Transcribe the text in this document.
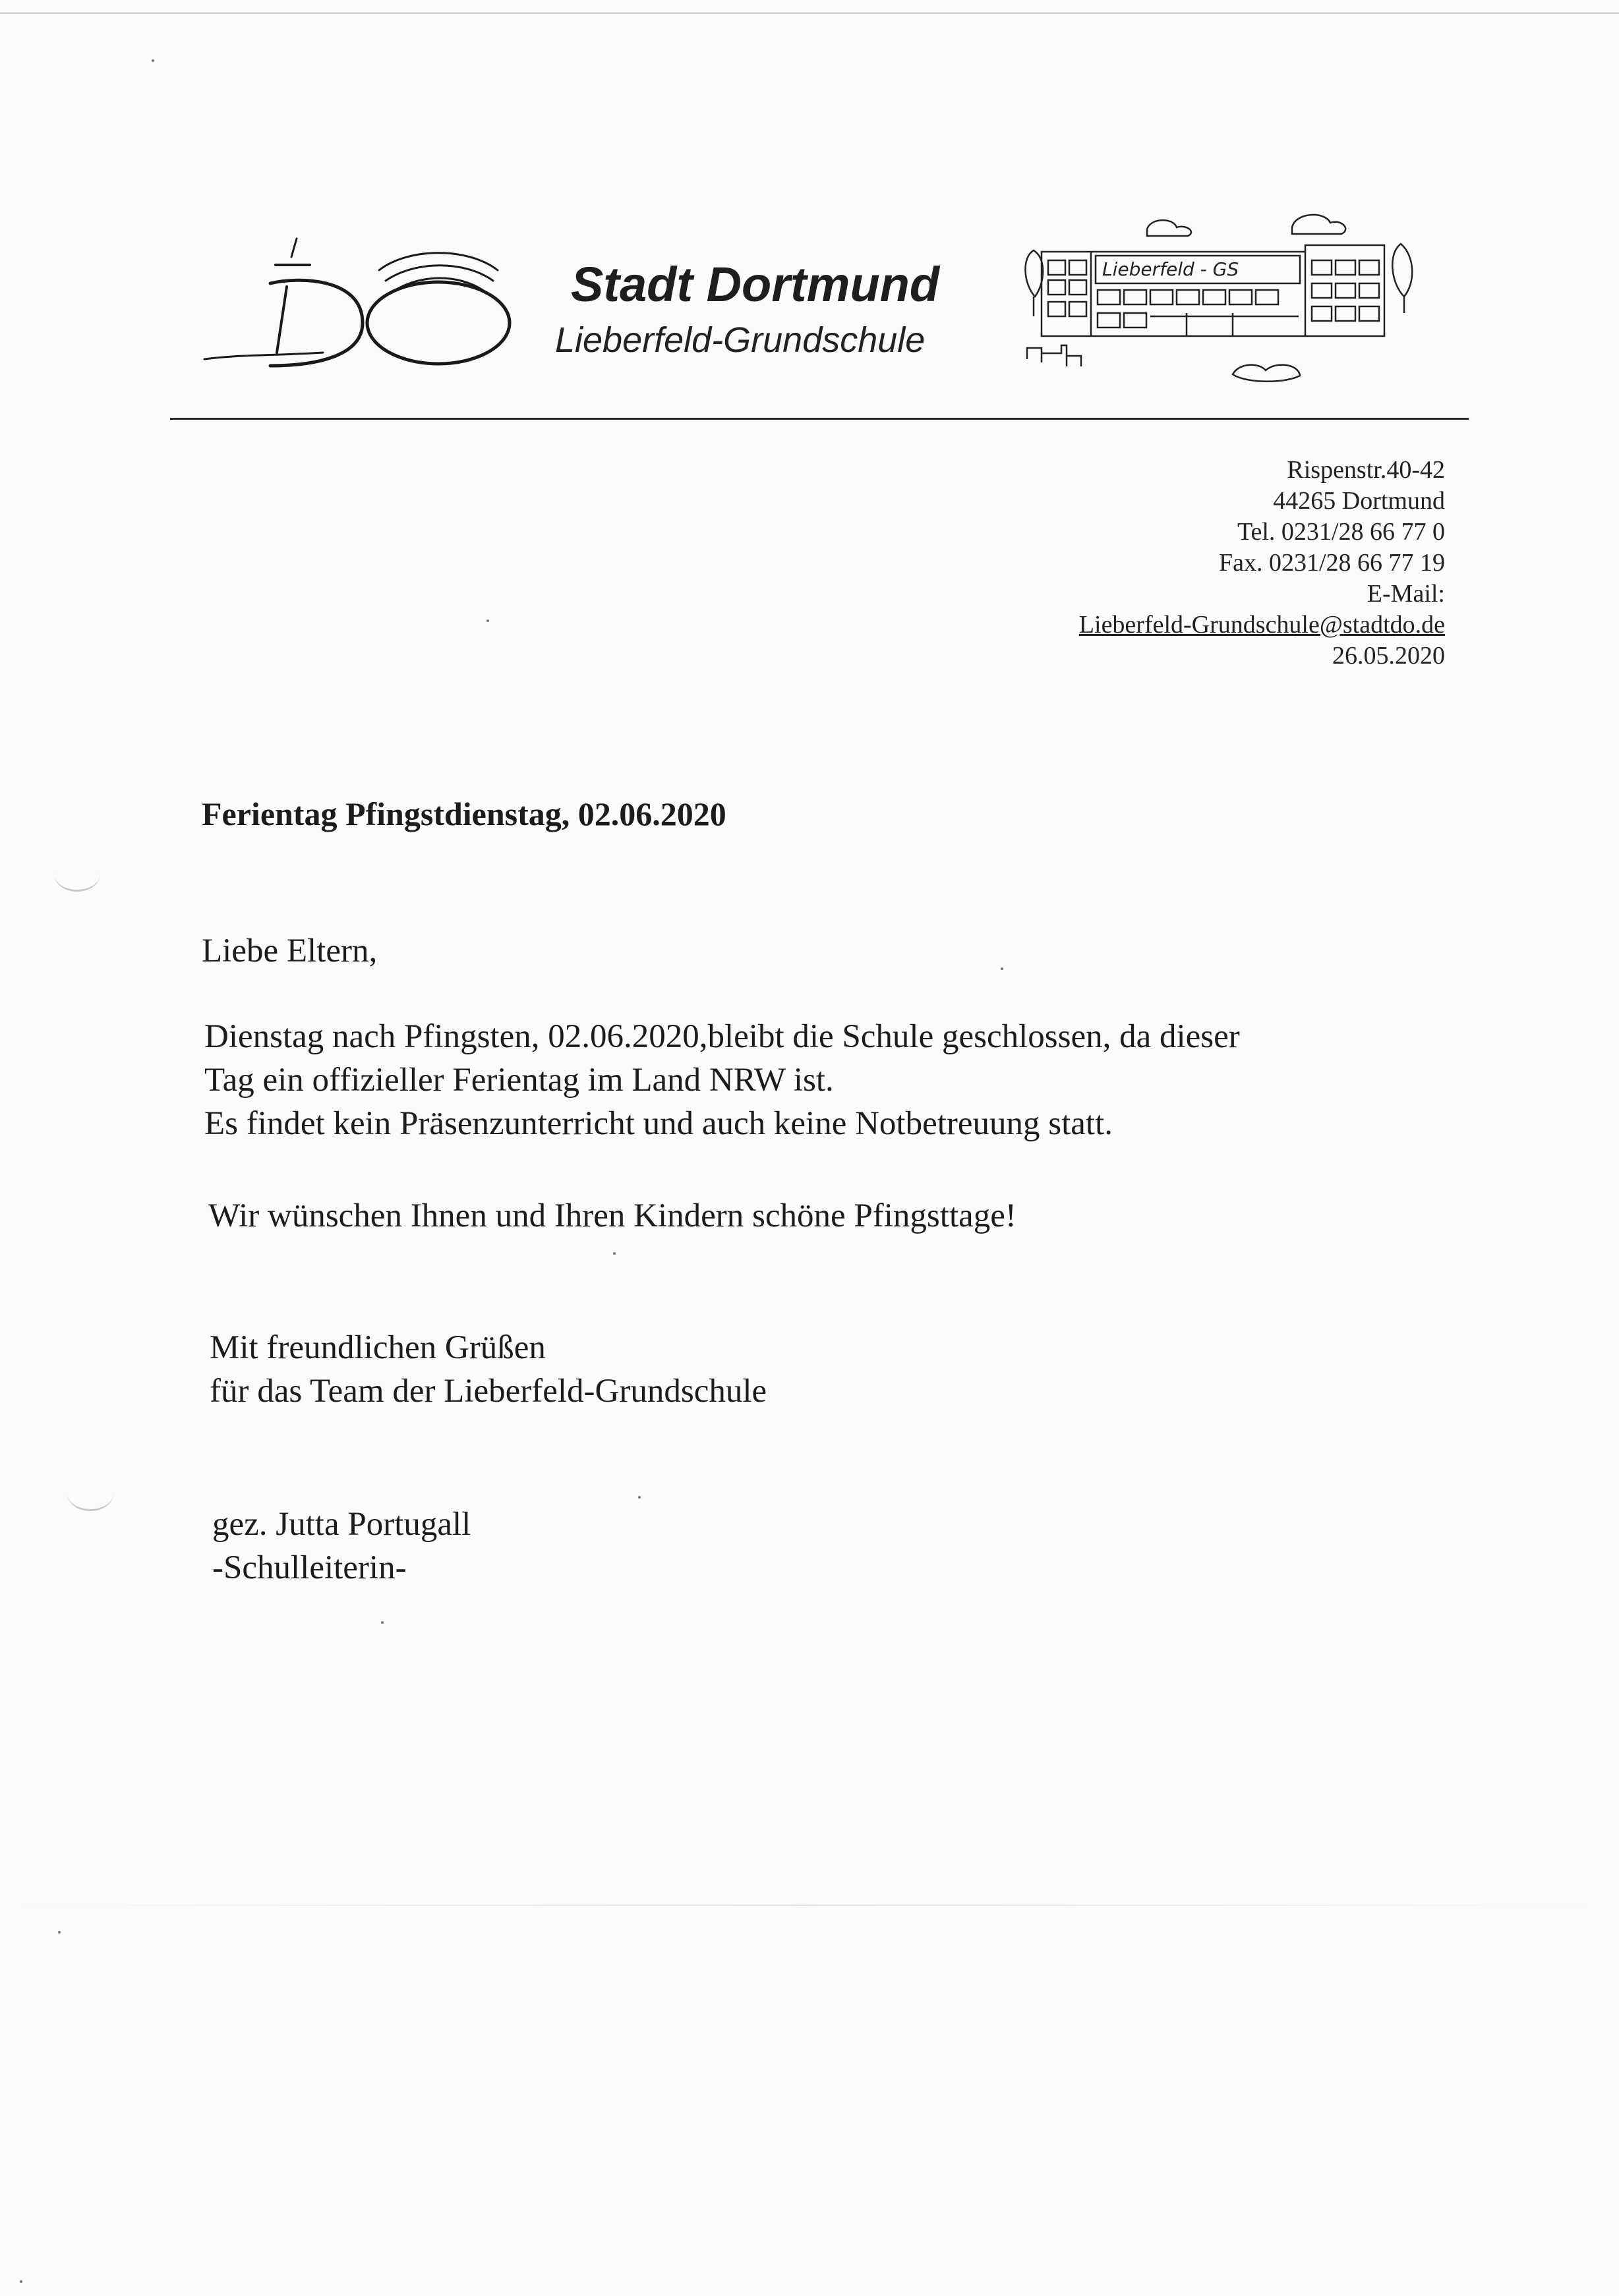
Stadt Dortmund
Lieberfeld-Grundschule
Lieberfeld - GS
Rispenstr.40-42
44265 Dortmund
Tel. 0231/28 66 77 0
Fax. 0231/28 66 77 19
E-Mail:
Lieberfeld-Grundschule@stadtdo.de
26.05.2020
Ferientag Pfingstdienstag, 02.06.2020
Liebe Eltern,
Dienstag nach Pfingsten, 02.06.2020,bleibt die Schule geschlossen, da dieser
Tag ein offizieller Ferientag im Land NRW ist.
Es findet kein Präsenzunterricht und auch keine Notbetreuung statt.
Wir wünschen Ihnen und Ihren Kindern schöne Pfingsttage!
Mit freundlichen Grüßen
für das Team der Lieberfeld-Grundschule
gez. Jutta Portugall
-Schulleiterin-
